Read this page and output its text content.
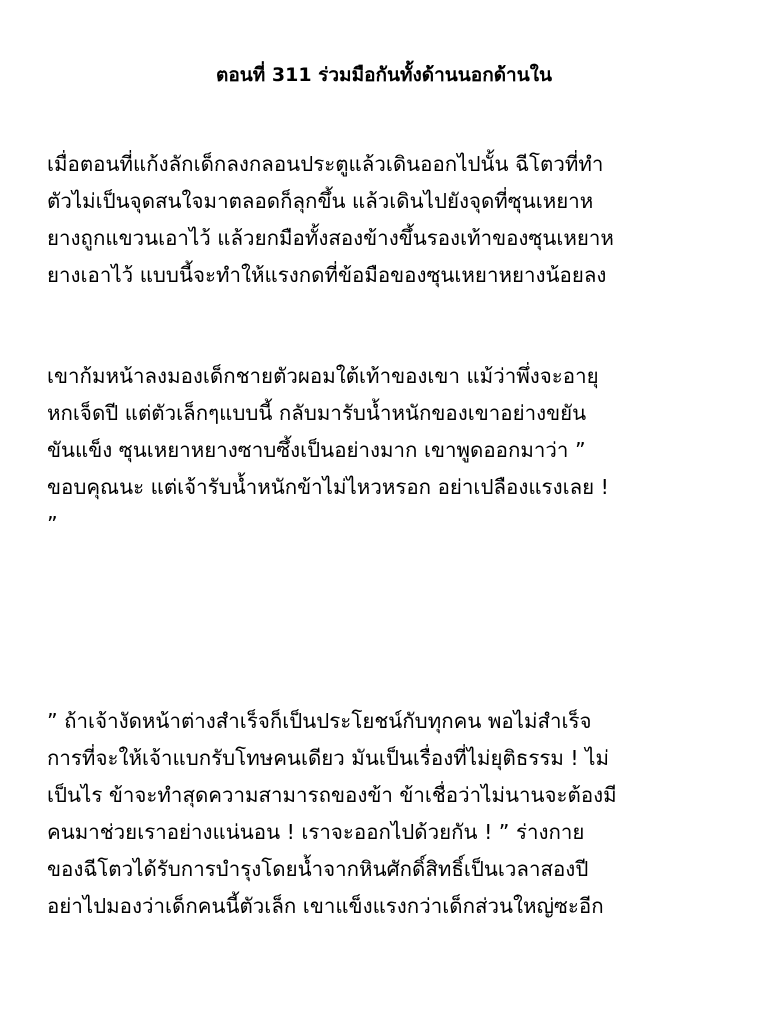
ตอนที่ 311 ร่วมมือกันทั้งด้านนอกด้านใน
เมื่อตอนที่แก้งลักเด็กลงกลอนประตูแล้วเดินออกไปนั้น ฉีโตวที่ทำ
ตัวไม่เป็นจุดสนใจมาตลอดก็ลุกขึ้น แล้วเดินไปยังจุดที่ซุนเหยาห
ยางถูกแขวนเอาไว้ แล้วยกมือทั้งสองข้างขึ้นรองเท้าของซุนเหยาห
ยางเอาไว้ แบบนี้จะทำให้แรงกดที่ข้อมือของซุนเหยาหยางน้อยลง
เขาก้มหน้าลงมองเด็กชายตัวผอมใต้เท้าของเขา แม้ว่าพึ่งจะอายุ
หกเจ็ดปี แต่ตัวเล็กๆแบบนี้ กลับมารับน้ำหนักของเขาอย่างขยัน
ขันแข็ง ซุนเหยาหยางซาบซึ้งเป็นอย่างมาก เขาพูดออกมาว่า ”
ขอบคุณนะ แต่เจ้ารับน้ำหนักข้าไม่ไหวหรอก อย่าเปลืองแรงเลย !
”
” ถ้าเจ้างัดหน้าต่างสำเร็จก็เป็นประโยชน์กับทุกคน พอไม่สำเร็จ
การที่จะให้เจ้าแบกรับโทษคนเดียว มันเป็นเรื่องที่ไม่ยุติธรรม ! ไม่
เป็นไร ข้าจะทำสุดความสามารถของข้า ข้าเชื่อว่าไม่นานจะต้องมี
คนมาช่วยเราอย่างแน่นอน ! เราจะออกไปด้วยกัน ! ” ร่างกาย
ของฉีโตวได้รับการบำรุงโดยน้ำจากหินศักดิ์สิทธิ์เป็นเวลาสองปี
อย่าไปมองว่าเด็กคนนี้ตัวเล็ก เขาแข็งแรงกว่าเด็กส่วนใหญ่ซะอีก
